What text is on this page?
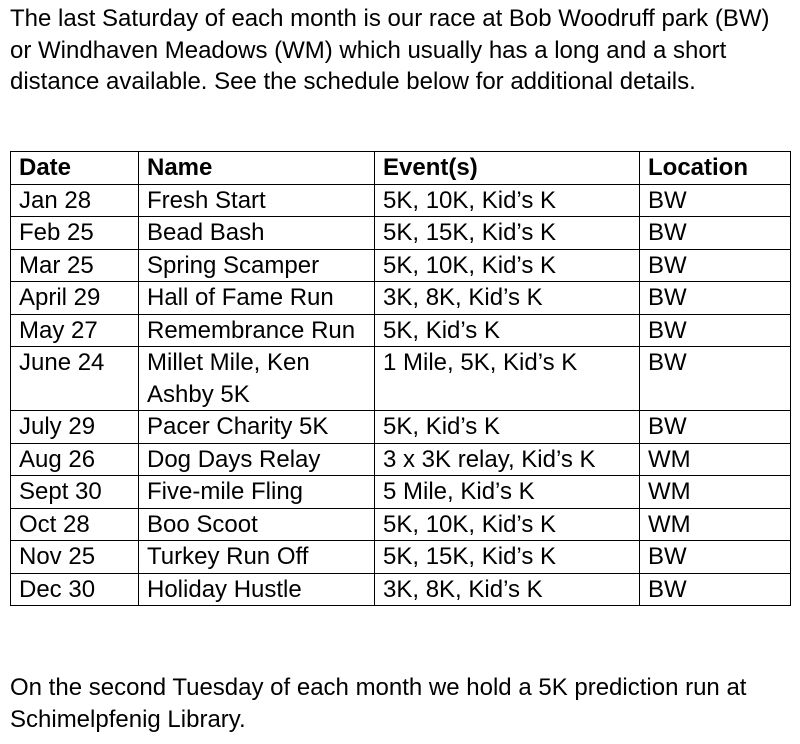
The last Saturday of each month is our race at Bob Woodruff park (BW) or Windhaven Meadows (WM) which usually has a long and a short distance available. See the schedule below for additional details.

Date	Name	Event(s)	Location
Jan 28	Fresh Start	5K, 10K, Kid’s K	BW
Feb 25	Bead Bash	5K, 15K, Kid’s K	BW
Mar 25	Spring Scamper	5K, 10K, Kid’s K	BW
April 29	Hall of Fame Run	3K, 8K, Kid’s K	BW
May 27	Remembrance Run	5K, Kid’s K	BW
June 24	Millet Mile, Ken Ashby 5K	1 Mile, 5K, Kid’s K	BW
July 29	Pacer Charity 5K	5K, Kid’s K	BW
Aug 26	Dog Days Relay	3 x 3K relay, Kid’s K	WM
Sept 30	Five-mile Fling	5 Mile, Kid’s K	WM
Oct 28	Boo Scoot	5K, 10K, Kid’s K	WM
Nov 25	Turkey Run Off	5K, 15K, Kid’s K	BW
Dec 30	Holiday Hustle	3K, 8K, Kid’s K	BW

On the second Tuesday of each month we hold a 5K prediction run at Schimelpfenig Library.
